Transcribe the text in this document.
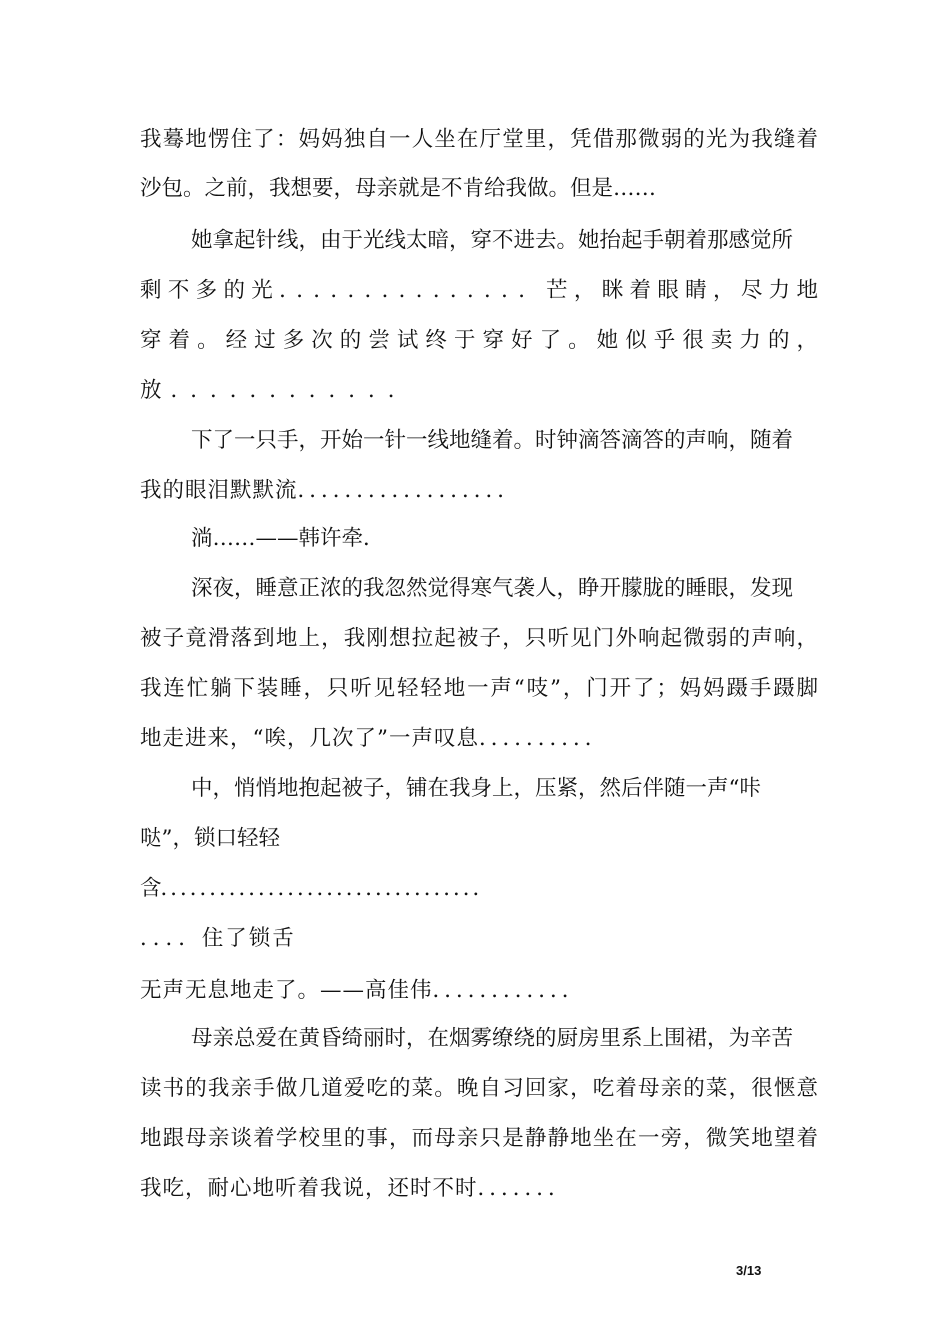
我蓦地愣住了：妈妈独自一人坐在厅堂里，凭借那微弱的光为我缝着
沙包。之前，我想要，母亲就是不肯给我做。但是……
她拿起针线，由于光线太暗，穿不进去。她抬起手朝着那感觉所
剩不多的光．．．．．．．．．．．．．．．芒，眯着眼睛，尽力地
穿着。经过多次的尝试终于穿好了。她似乎很卖力的，
放．．．．．．．．．．．．
下了一只手，开始一针一线地缝着。时钟滴答滴答的声响，随着
我的眼泪默默流．．．．．．．．．．．．．．．．．．
淌……——韩许牵．
深夜，睡意正浓的我忽然觉得寒气袭人，睁开朦胧的睡眼，发现
被子竟滑落到地上，我刚想拉起被子，只听见门外响起微弱的声响，
我连忙躺下装睡，只听见轻轻地一声“吱”，门开了；妈妈蹑手蹑脚
地走进来，“唉，几次了”一声叹息．．．．．．．．．．
中，悄悄地抱起被子，铺在我身上，压紧，然后伴随一声“咔
哒”，锁口轻轻
含．．．．．．．．．．．．．．．．．．．．．．．．．．．．．．．．．
．．．．住了锁舌
无声无息地走了。——高佳伟．．．．．．．．．．．．
母亲总爱在黄昏绮丽时，在烟雾缭绕的厨房里系上围裙，为辛苦
读书的我亲手做几道爱吃的菜。晚自习回家，吃着母亲的菜，很惬意
地跟母亲谈着学校里的事，而母亲只是静静地坐在一旁，微笑地望着
我吃，耐心地听着我说，还时不时．．．．．．．
3/13
